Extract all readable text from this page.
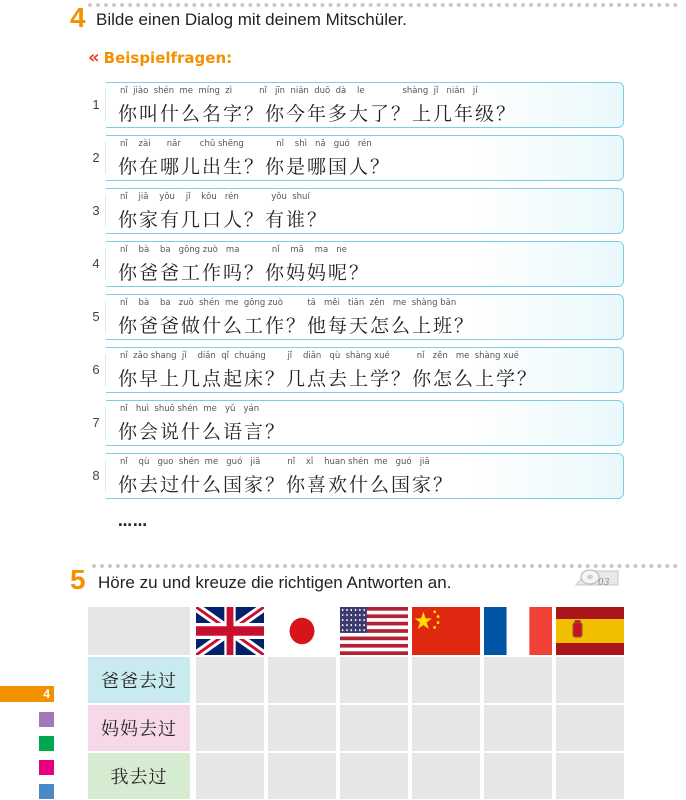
4 Bilde einen Dialog mit deinem Mitschüler.
« Beispielfragen:
1
nǐ  jiào  shén  me  míng  zì          nǐ   jīn  nián  duō  dà    le              shàng  jǐ   nián   jí
你叫什么名字？你今年多大了？上几年级？
2
nǐ    zài      nǎr       chū shēng            nǐ    shì   nǎ   guó   rén
你在哪儿出生？你是哪国人？
3
nǐ    jiā    yǒu    jǐ    kǒu   rén            yǒu  shuí
你家有几口人？有谁？
4
nǐ    bà    ba   gōng zuò   ma            nǐ    mā    ma   ne
你爸爸工作吗？你妈妈呢？
5
nǐ    bà    ba   zuò  shén  me  gōng zuò         tā   měi   tiān  zěn   me  shàng bān
你爸爸做什么工作？他每天怎么上班？
6
nǐ  zǎo shang  jǐ    diǎn  qǐ  chuáng        jǐ    diǎn   qù  shàng xué          nǐ   zěn   me  shàng xué
你早上几点起床？几点去上学？你怎么上学？
7
nǐ   huì  shuō shén  me   yǔ   yán
你会说什么语言？
8
nǐ    qù   guo  shén  me   guó   jiā          nǐ    xǐ    huan shén  me   guó   jiā
你去过什么国家？你喜欢什么国家？
……
5 Höre zu und kreuze die richtigen Antworten an.	03
爸爸去过
妈妈去过
我去过
4
